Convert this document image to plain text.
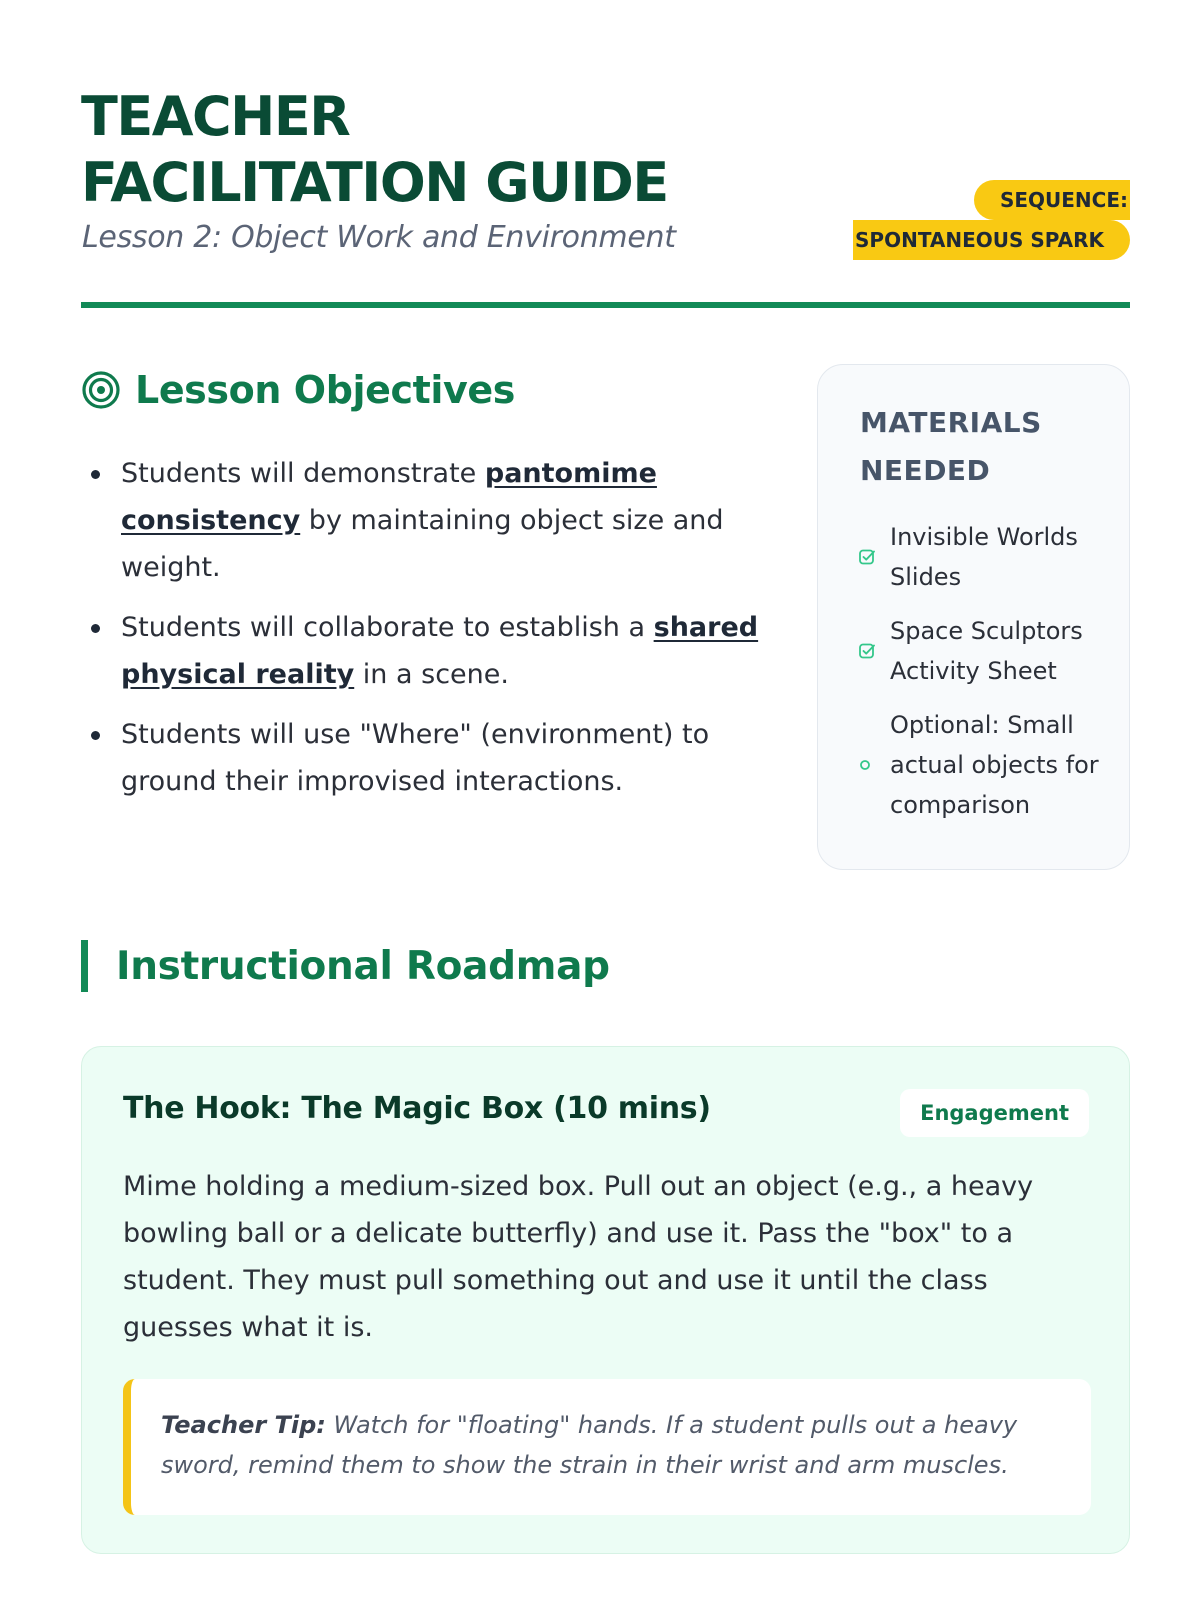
TEACHER
FACILITATION GUIDE
Lesson 2: Object Work and Environment
SEQUENCE:
SPONTANEOUS SPARK
Lesson Objectives
Students will demonstrate pantomime consistency by maintaining object size and weight.
Students will collaborate to establish a shared physical reality in a scene.
Students will use "Where" (environment) to ground their improvised interactions.
MATERIALS NEEDED
Invisible Worlds Slides
Space Sculptors Activity Sheet
Optional: Small actual objects for comparison
Instructional Roadmap
The Hook: The Magic Box (10 mins)	Engagement

Mime holding a medium-sized box. Pull out an object (e.g., a heavy bowling ball or a delicate butterfly) and use it. Pass the "box" to a student. They must pull something out and use it until the class guesses what it is.

Teacher Tip: Watch for "floating" hands. If a student pulls out a heavy sword, remind them to show the strain in their wrist and arm muscles.
